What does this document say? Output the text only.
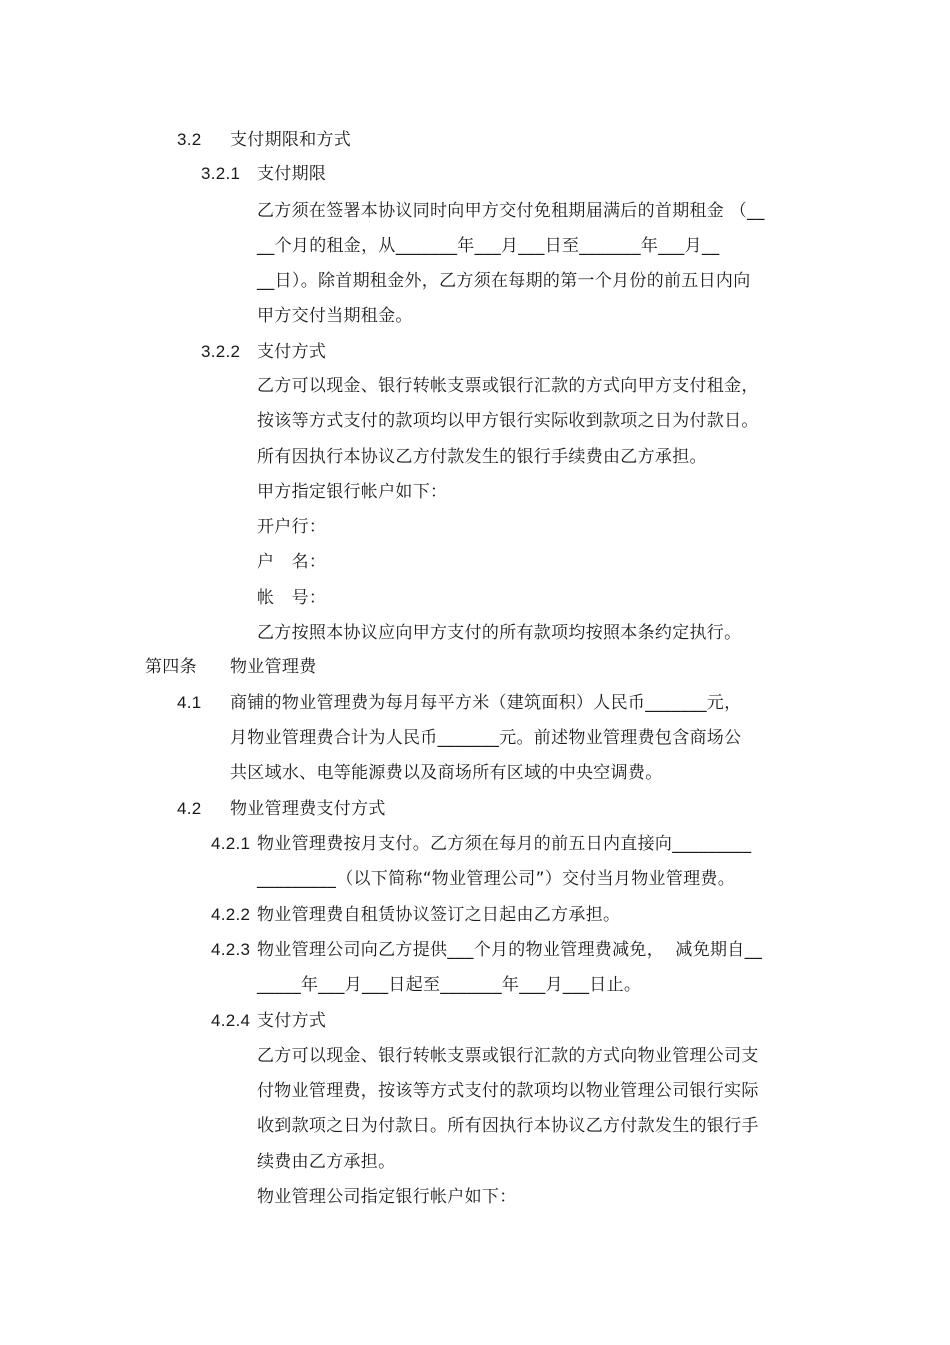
3.2 支付期限和方式
3.2.1 支付期限
乙方须在签署本协议同时向甲方交付免租期届满后的首期租金 （__
__个月的租金，从_______年___月___日至_______年___月__
__日）。除首期租金外，乙方须在每期的第一个月份的前五日内向
甲方交付当期租金。
3.2.2 支付方式
乙方可以现金、银行转帐支票或银行汇款的方式向甲方支付租金，
按该等方式支付的款项均以甲方银行实际收到款项之日为付款日。
所有因执行本协议乙方付款发生的银行手续费由乙方承担。
甲方指定银行帐户如下：
开户行：
户　名：
帐　号：
乙方按照本协议应向甲方支付的所有款项均按照本条约定执行。
第四条 物业管理费
4.1 商铺的物业管理费为每月每平方米（建筑面积）人民币_______元，
月物业管理费合计为人民币_______元。前述物业管理费包含商场公
共区域水、电等能源费以及商场所有区域的中央空调费。
4.2 物业管理费支付方式
4.2.1 物业管理费按月支付。乙方须在每月的前五日内直接向_________
_________（以下简称“物业管理公司”）交付当月物业管理费。
4.2.2 物业管理费自租赁协议签订之日起由乙方承担。
4.2.3 物业管理公司向乙方提供___个月的物业管理费减免，  减免期自__
_____年___月___日起至_______年___月___日止。
4.2.4 支付方式
乙方可以现金、银行转帐支票或银行汇款的方式向物业管理公司支
付物业管理费，按该等方式支付的款项均以物业管理公司银行实际
收到款项之日为付款日。所有因执行本协议乙方付款发生的银行手
续费由乙方承担。
物业管理公司指定银行帐户如下：
